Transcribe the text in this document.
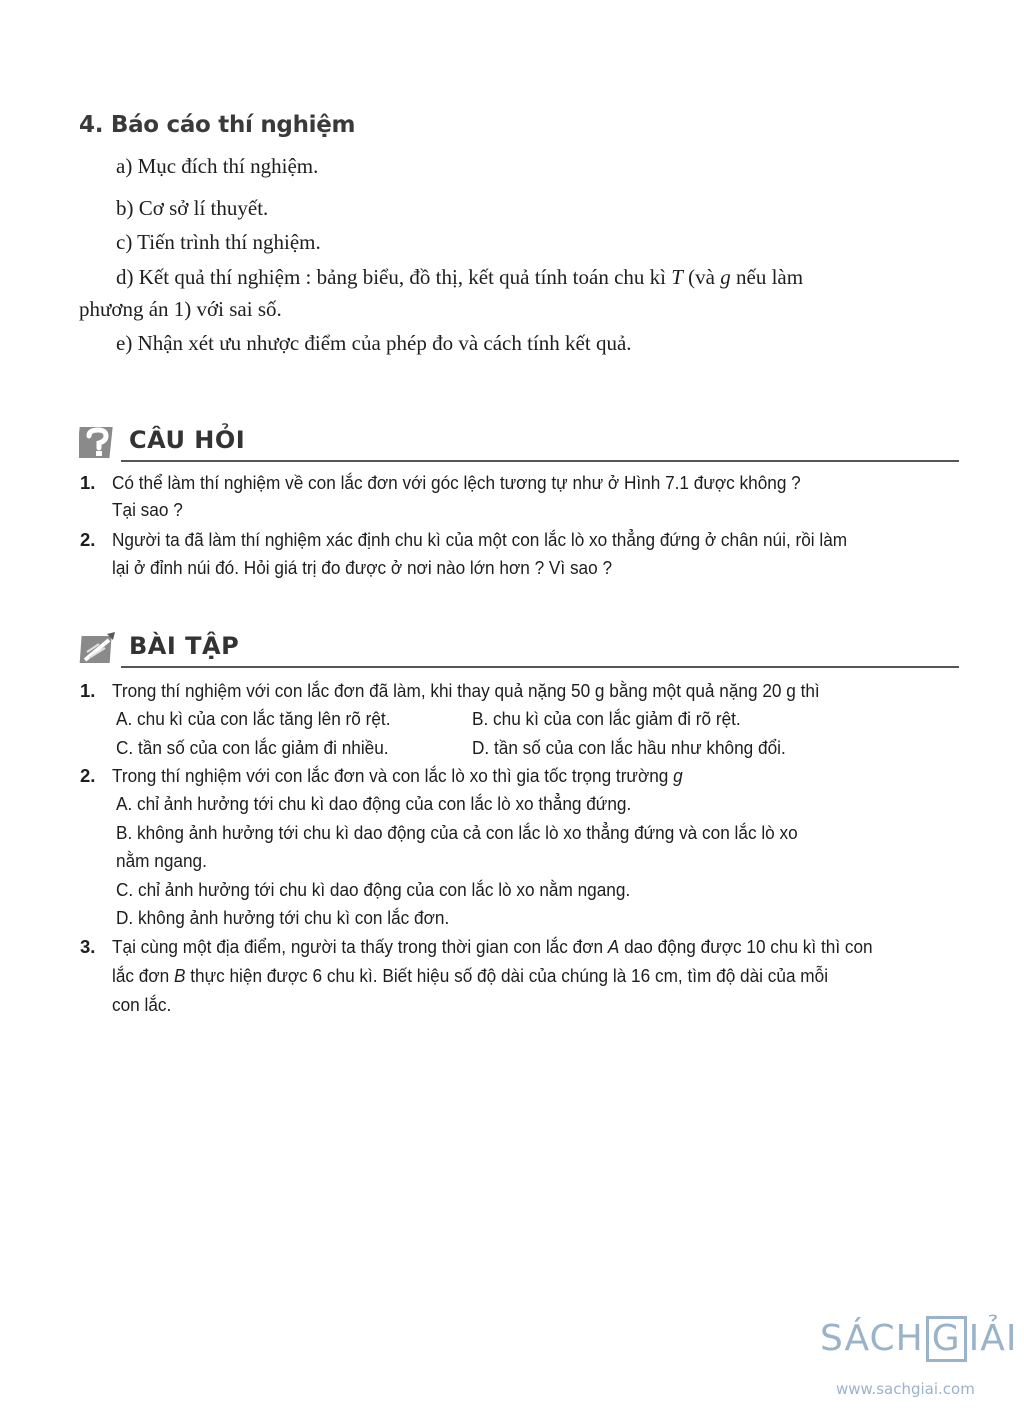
4. Báo cáo thí nghiệm
a) Mục đích thí nghiệm.
b) Cơ sở lí thuyết.
c) Tiến trình thí nghiệm.
d) Kết quả thí nghiệm : bảng biểu, đồ thị, kết quả tính toán chu kì T (và g nếu làm
phương án 1) với sai số.
e) Nhận xét ưu nhược điểm của phép đo và cách tính kết quả.
CÂU HỎI
1. Có thể làm thí nghiệm về con lắc đơn với góc lệch tương tự như ở Hình 7.1 được không ?
Tại sao ?
2. Người ta đã làm thí nghiệm xác định chu kì của một con lắc lò xo thẳng đứng ở chân núi, rồi làm
lại ở đỉnh núi đó. Hỏi giá trị đo được ở nơi nào lớn hơn ? Vì sao ?
BÀI TẬP
1. Trong thí nghiệm với con lắc đơn đã làm, khi thay quả nặng 50 g bằng một quả nặng 20 g thì
A. chu kì của con lắc tăng lên rõ rệt.	B. chu kì của con lắc giảm đi rõ rệt.
C. tần số của con lắc giảm đi nhiều.	D. tần số của con lắc hầu như không đổi.
2. Trong thí nghiệm với con lắc đơn và con lắc lò xo thì gia tốc trọng trường g
A. chỉ ảnh hưởng tới chu kì dao động của con lắc lò xo thẳng đứng.
B. không ảnh hưởng tới chu kì dao động của cả con lắc lò xo thẳng đứng và con lắc lò xo
nằm ngang.
C. chỉ ảnh hưởng tới chu kì dao động của con lắc lò xo nằm ngang.
D. không ảnh hưởng tới chu kì con lắc đơn.
3. Tại cùng một địa điểm, người ta thấy trong thời gian con lắc đơn A dao động được 10 chu kì thì con
lắc đơn B thực hiện được 6 chu kì. Biết hiệu số độ dài của chúng là 16 cm, tìm độ dài của mỗi
con lắc.
SÁCH G IẢI
www.sachgiai.com
